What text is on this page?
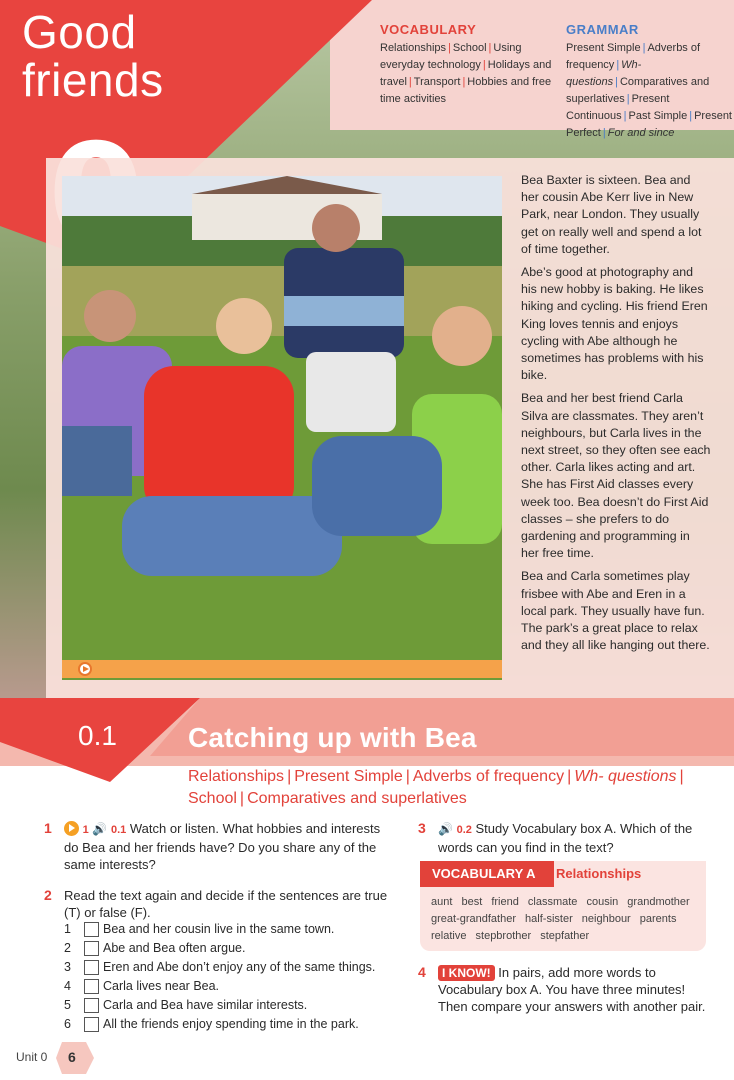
Good
friends
VOCABULARY
Relationships | School | Using everyday technology | Holidays and travel | Transport | Hobbies and free time activities
GRAMMAR
Present Simple | Adverbs of frequency | Wh- questions | Comparatives and superlatives | Present Continuous | Past Simple | Present Perfect | For and since

Bea Baxter is sixteen. Bea and her cousin Abe Kerr live in New Park, near London. They usually get on really well and spend a lot of time together.

Abe’s good at photography and his new hobby is baking. He likes hiking and cycling. His friend Eren King loves tennis and enjoys cycling with Abe although he sometimes has problems with his bike.

Bea and her best friend Carla Silva are classmates. They aren’t neighbours, but Carla lives in the next street, so they often see each other. Carla likes acting and art. She has First Aid classes every week too. Bea doesn’t do First Aid classes – she prefers to do gardening and programming in her free time.

Bea and Carla sometimes play frisbee with Abe and Eren in a local park. They usually have fun. The park’s a great place to relax and they all like hanging out there.

0.1	Catching up with Bea
Relationships | Present Simple | Adverbs of frequency | Wh- questions |
School | Comparatives and superlatives
1	1 🔊 0.1 Watch or listen. What hobbies and interests do Bea and her friends have? Do you share any of the same interests?
2 Read the text again and decide if the sentences are true (T) or false (F).
1	Bea and her cousin live in the same town.
2	Abe and Bea often argue.
3	Eren and Abe don’t enjoy any of the same things.
4	Carla lives near Bea.
5	Carla and Bea have similar interests.
6	All the friends enjoy spending time in the park.
3 🔊 0.2 Study Vocabulary box A. Which of the words can you find in the text?
VOCABULARY A	Relationships
aunt best friend classmate cousin grandmother great-grandfather half-sister neighbour parents relative stepbrother stepfather
4 I KNOW! In pairs, add more words to Vocabulary box A. You have three minutes! Then compare your answers with another pair.
Unit 0 6
